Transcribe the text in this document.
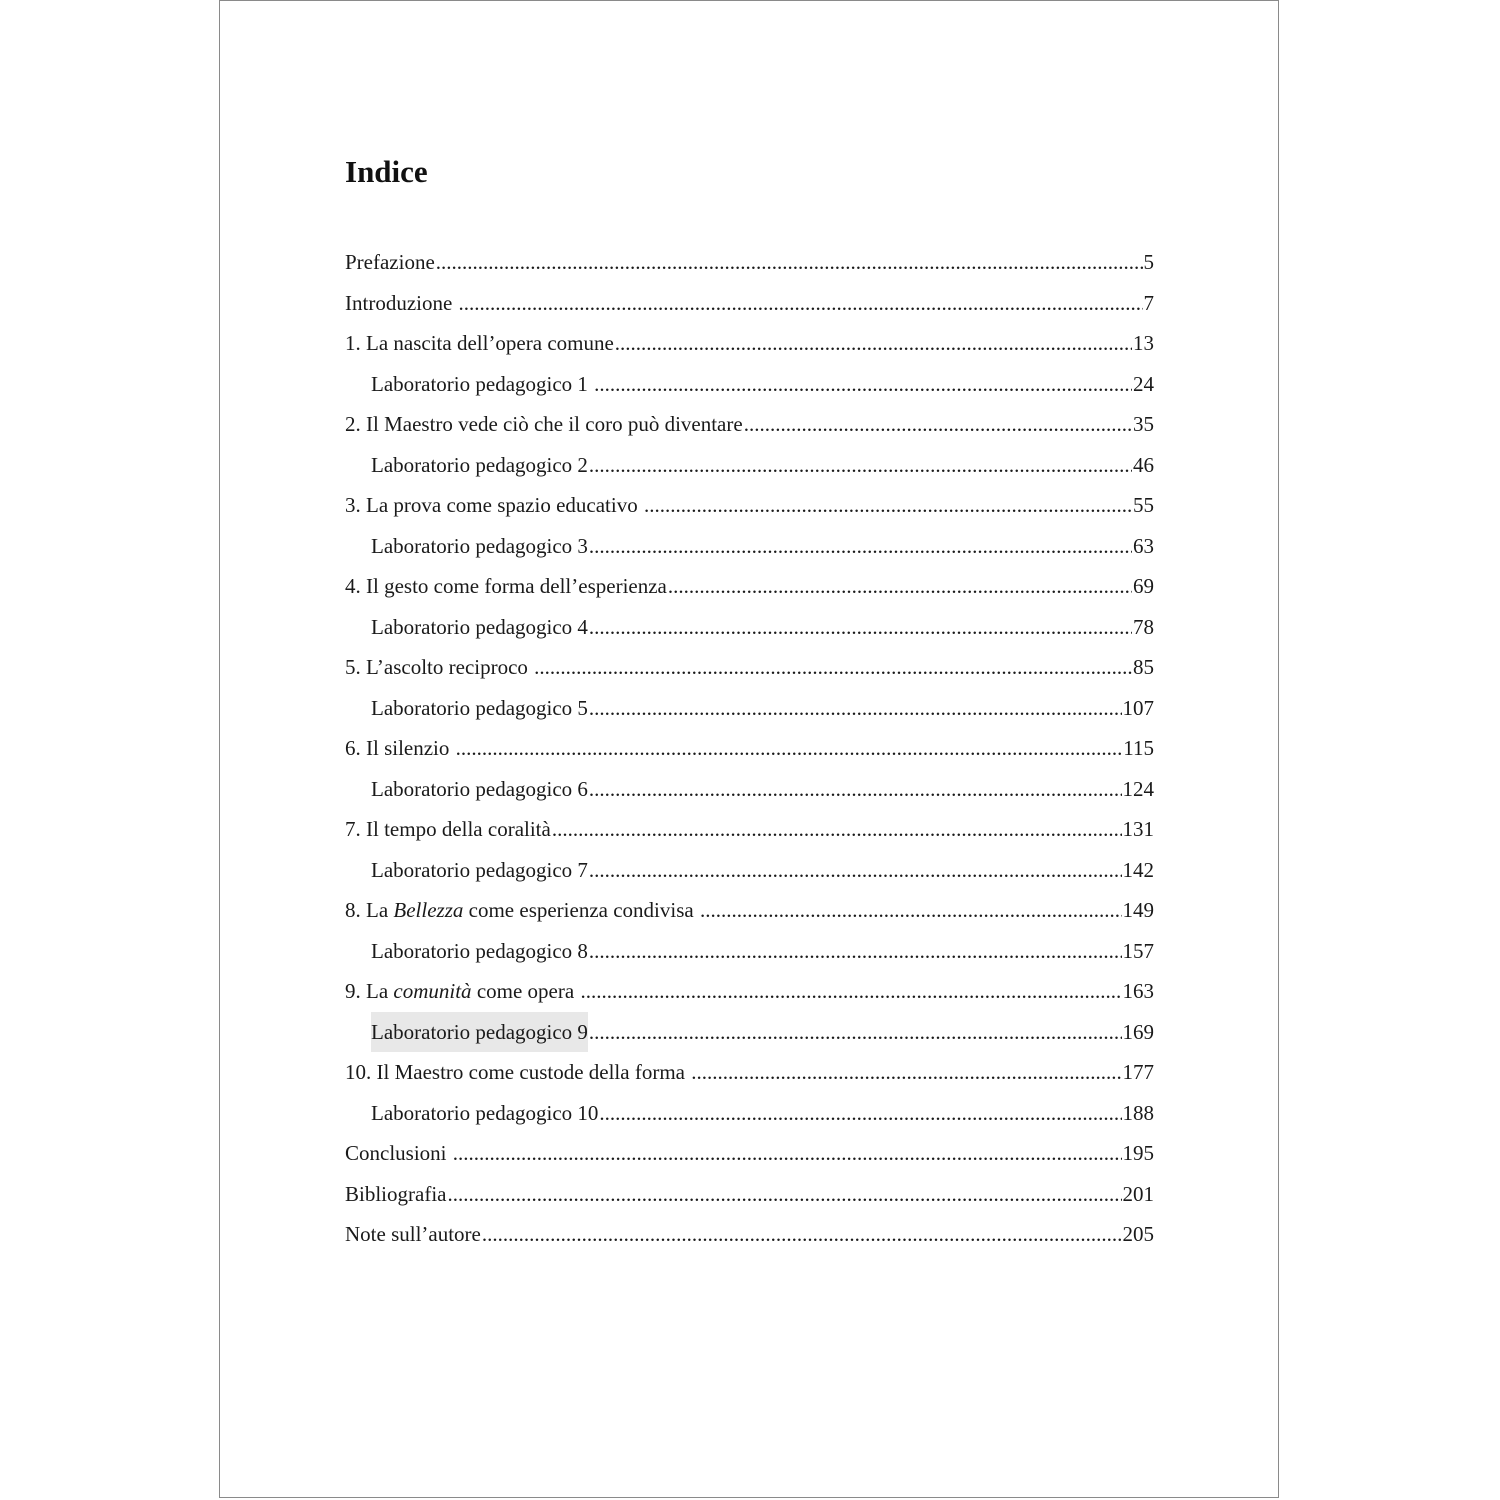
Indice
Prefazione .....	5
Introduzione .....	7
1. La nascita dell’opera comune .....	13
Laboratorio pedagogico 1 .....	24
2. Il Maestro vede ciò che il coro può diventare .....	35
Laboratorio pedagogico 2 .....	46
3. La prova come spazio educativo .....	55
Laboratorio pedagogico 3 .....	63
4. Il gesto come forma dell’esperienza .....	69
Laboratorio pedagogico 4 .....	78
5. L’ascolto reciproco .....	85
Laboratorio pedagogico 5 .....	107
6. Il silenzio .....	115
Laboratorio pedagogico 6 .....	124
7. Il tempo della coralità .....	131
Laboratorio pedagogico 7 .....	142
8. La Bellezza come esperienza condivisa .....	149
Laboratorio pedagogico 8 .....	157
9. La comunità come opera .....	163
Laboratorio pedagogico 9 .....	169
10. Il Maestro come custode della forma .....	177
Laboratorio pedagogico 10 .....	188
Conclusioni .....	195
Bibliografia .....	201
Note sull’autore .....	205
